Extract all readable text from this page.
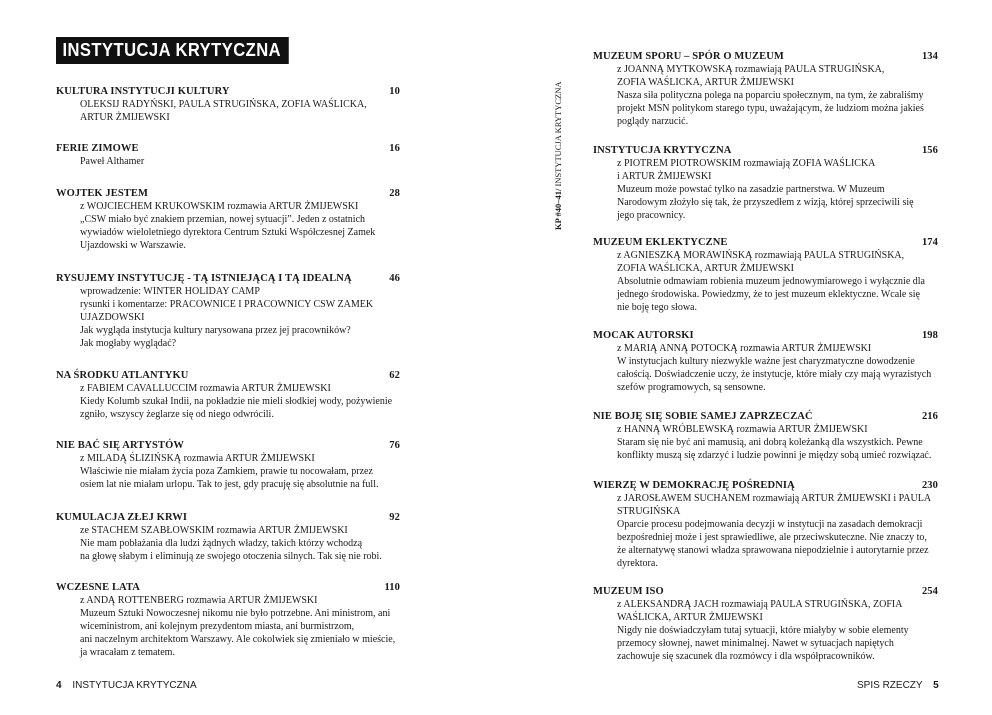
INSTYTUCJA KRYTYCZNA
KULTURA INSTYTUCJI KULTURY	10
OLEKSIJ RADYŃSKI, PAULA STRUGIŃSKA, ZOFIA WAŚLICKA,
ARTUR ŻMIJEWSKI
FERIE ZIMOWE	16
Paweł Althamer
WOJTEK JESTEM	28
z WOJCIECHEM KRUKOWSKIM rozmawia ARTUR ŻMIJEWSKI
„CSW miało być znakiem przemian, nowej sytuacji”. Jeden z ostatnich
wywiadów wieloletniego dyrektora Centrum Sztuki Współczesnej Zamek
Ujazdowski w Warszawie.
RYSUJEMY INSTYTUCJĘ - TĄ ISTNIEJĄCĄ I TĄ IDEALNĄ	46
wprowadzenie: WINTER HOLIDAY CAMP
rysunki i komentarze: PRACOWNICE I PRACOWNICY CSW ZAMEK
UJAZDOWSKI
Jak wygląda instytucja kultury narysowana przez jej pracowników?
Jak mogłaby wyglądać?
NA ŚRODKU ATLANTYKU	62
z FABIEM CAVALLUCCIM rozmawia ARTUR ŻMIJEWSKI
Kiedy Kolumb szukał Indii, na pokładzie nie mieli słodkiej wody, pożywienie
zgniło, wszyscy żeglarze się od niego odwrócili.
NIE BAĆ SIĘ ARTYSTÓW	76
z MILADĄ ŚLIZIŃSKĄ rozmawia ARTUR ŻMIJEWSKI
Właściwie nie miałam życia poza Zamkiem, prawie tu nocowałam, przez
osiem lat nie miałam urlopu. Tak to jest, gdy pracuję się absolutnie na full.
KUMULACJA ZŁEJ KRWI	92
ze STACHEM SZABŁOWSKIM rozmawia ARTUR ŻMIJEWSKI
Nie mam pobłażania dla ludzi żądnych władzy, takich którzy wchodzą
na głowę słabym i eliminują ze swojego otoczenia silnych. Tak się nie robi.
WCZESNE LATA	110
z ANDĄ ROTTENBERG rozmawia ARTUR ŻMIJEWSKI
Muzeum Sztuki Nowoczesnej nikomu nie było potrzebne. Ani ministrom, ani
wiceministrom, ani kolejnym prezydentom miasta, ani burmistrzom,
ani naczelnym architektom Warszawy. Ale cokolwiek się zmieniało w mieście,
ja wracałam z tematem.
4 INSTYTUCJA KRYTYCZNA
KP #40–41/ INSTYTUCJA KRYTYCZNA
MUZEUM SPORU – SPÓR O MUZEUM	134
z JOANNĄ MYTKOWSKĄ rozmawiają PAULA STRUGIŃSKA,
ZOFIA WAŚLICKA, ARTUR ŻMIJEWSKI
Nasza siła polityczna polega na poparciu społecznym, na tym, że zabraliśmy
projekt MSN politykom starego typu, uważającym, że ludziom można jakieś
poglądy narzucić.
INSTYTUCJA KRYTYCZNA	156
z PIOTREM PIOTROWSKIM rozmawiają ZOFIA WAŚLICKA
i ARTUR ŻMIJEWSKI
Muzeum może powstać tylko na zasadzie partnerstwa. W Muzeum
Narodowym złożyło się tak, że przyszedłem z wizją, której sprzeciwili się
jego pracownicy.
MUZEUM EKLEKTYCZNE	174
z AGNIESZKĄ MORAWIŃSKĄ rozmawiają PAULA STRUGIŃSKA,
ZOFIA WAŚLICKA, ARTUR ŻMIJEWSKI
Absolutnie odmawiam robienia muzeum jednowymiarowego i wyłącznie dla
jednego środowiska. Powiedzmy, że to jest muzeum eklektyczne. Wcale się
nie boję tego słowa.
MOCAK AUTORSKI	198
z MARIĄ ANNĄ POTOCKĄ rozmawia ARTUR ŻMIJEWSKI
W instytucjach kultury niezwykle ważne jest charyzmatyczne dowodzenie
całością. Doświadczenie uczy, że instytucje, które miały czy mają wyrazistych
szefów programowych, są sensowne.
NIE BOJĘ SIĘ SOBIE SAMEJ ZAPRZECZAĆ	216
z HANNĄ WRÓBLEWSKĄ rozmawia ARTUR ŻMIJEWSKI
Staram się nie być ani mamusią, ani dobrą koleżanką dla wszystkich. Pewne
konflikty muszą się zdarzyć i ludzie powinni je między sobą umieć rozwiązać.
WIERZĘ W DEMOKRACJĘ POŚREDNIĄ	230
z JAROSŁAWEM SUCHANEM rozmawiają ARTUR ŻMIJEWSKI i PAULA
STRUGIŃSKA
Oparcie procesu podejmowania decyzji w instytucji na zasadach demokracji
bezpośredniej może i jest sprawiedliwe, ale przeciwskuteczne. Nie znaczy to,
że alternatywę stanowi władza sprawowana niepodzielnie i autorytarnie przez
dyrektora.
MUZEUM ISO	254
z ALEKSANDRĄ JACH rozmawiają PAULA STRUGIŃSKA, ZOFIA
WAŚLICKA, ARTUR ŻMIJEWSKI
Nigdy nie doświadczyłam tutaj sytuacji, które miałyby w sobie elementy
przemocy słownej, nawet minimalnej. Nawet w sytuacjach napiętych
zachowuje się szacunek dla rozmówcy i dla współpracowników.
SPIS RZECZY 5
